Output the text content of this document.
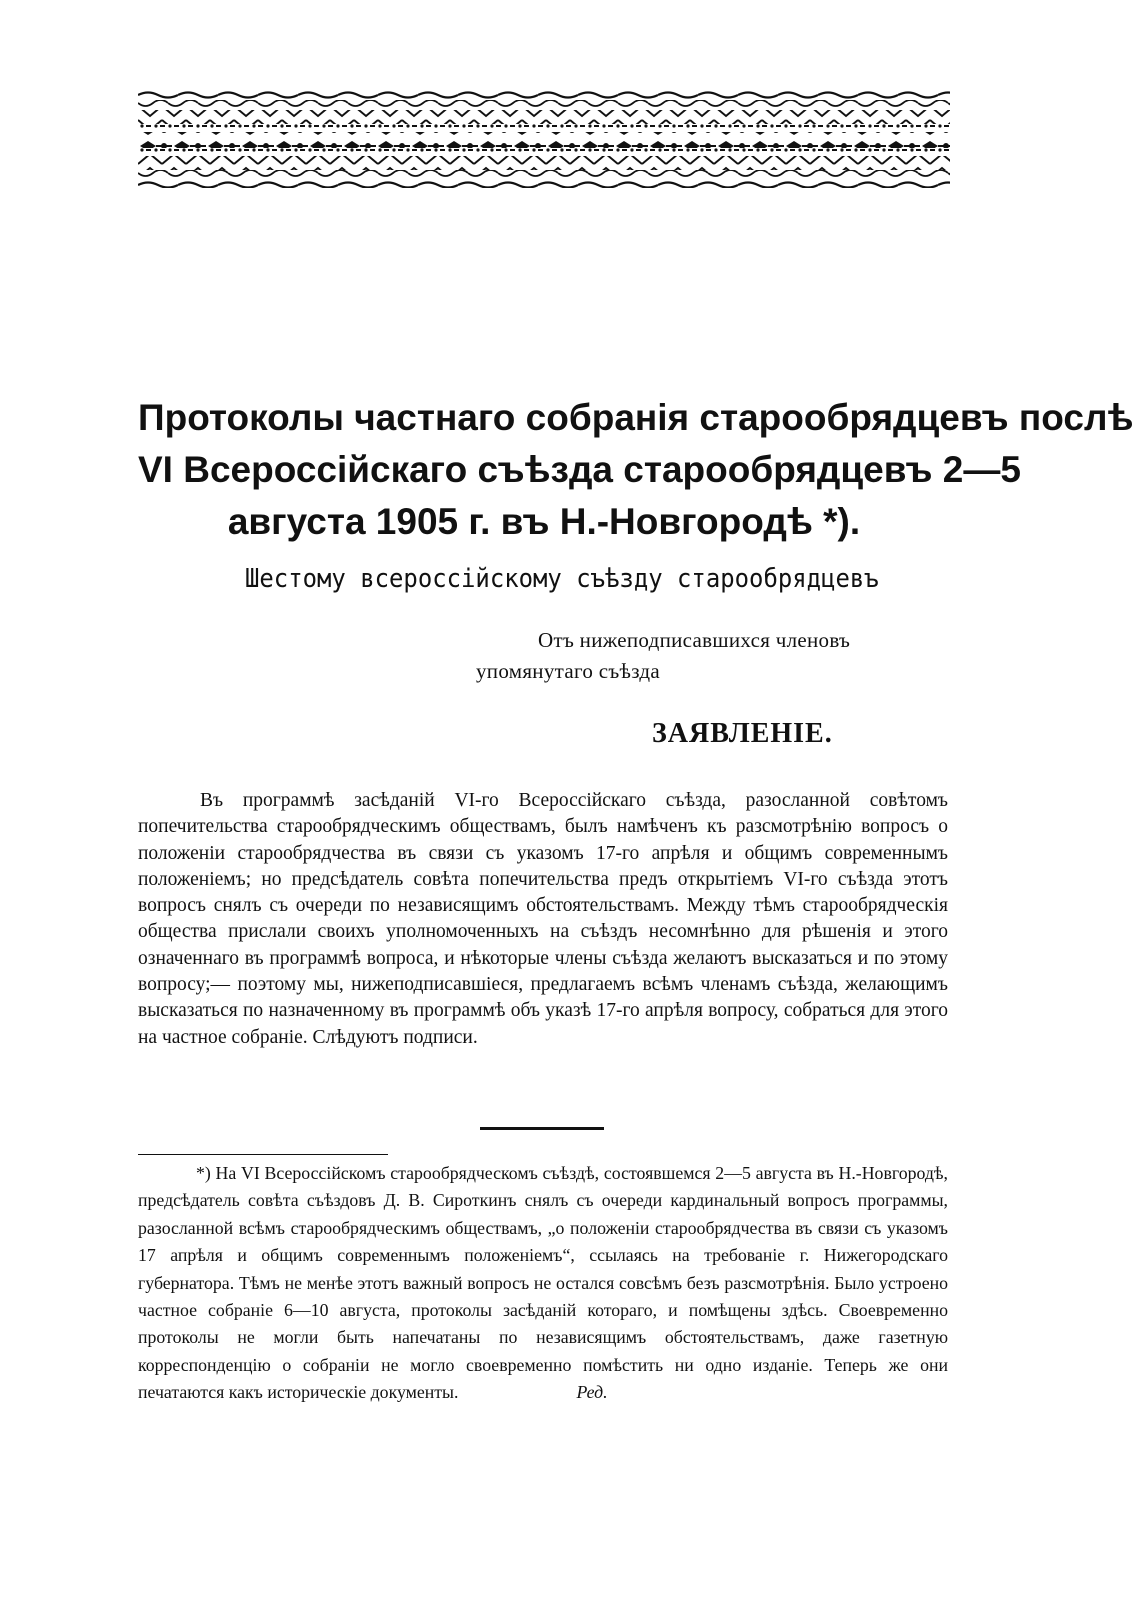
Протоколы частнаго собранія старообрядцевъ послѣ
VI Всероссійскаго съѣзда старообрядцевъ 2—5
августа 1905 г. въ Н.-Новгородѣ *).
Шестому всероссійскому съѣзду старообрядцевъ
Отъ нижеподписавшихся членовъ
упомянутаго съѣзда
ЗАЯВЛЕНІЕ.

Въ программѣ засѣданій VI-го Всероссійскаго съѣзда, разосланной совѣтомъ попечительства старообрядческимъ обществамъ, былъ намѣченъ къ разсмотрѣнію вопросъ о положеніи старообрядчества въ связи съ указомъ 17-го апрѣля и общимъ современнымъ положеніемъ; но предсѣдатель совѣта попечительства предъ открытіемъ VI-го съѣзда этотъ вопросъ снялъ съ очереди по независящимъ обстоятельствамъ. Между тѣмъ старообрядческія общества прислали своихъ уполномоченныхъ на съѣздъ несомнѣнно для рѣшенія и этого означеннаго въ программѣ вопроса, и нѣкоторые члены съѣзда желаютъ высказаться и по этому вопросу;— поэтому мы, нижеподписавшіеся, предлагаемъ всѣмъ членамъ съѣзда, желающимъ высказаться по назначенному въ программѣ объ указѣ 17-го апрѣля вопросу, собраться для этого на частное собраніе. Слѣдуютъ подписи.

*) На VI Всероссійскомъ старообрядческомъ съѣздѣ, состоявшемся 2—5 августа въ Н.-Новгородѣ, предсѣдатель совѣта съѣздовъ Д. В. Сироткинъ снялъ съ очереди кардинальный вопросъ программы, разосланной всѣмъ старообрядческимъ обществамъ, „о положеніи старообрядчества въ связи съ указомъ 17 апрѣля и общимъ современнымъ положеніемъ“, ссылаясь на требованіе г. Нижегородскаго губернатора. Тѣмъ не менѣе этотъ важный вопросъ не остался совсѣмъ безъ разсмотрѣнія. Было устроено частное собраніе 6—10 августа, протоколы засѣданій котораго, и помѣщены здѣсь. Своевременно протоколы не могли быть напечатаны по независящимъ обстоятельствамъ, даже газетную корреспонденцію о собраніи не могло своевременно помѣстить ни одно изданіе. Теперь же они печатаются какъ историческіе документы.	Ред.
